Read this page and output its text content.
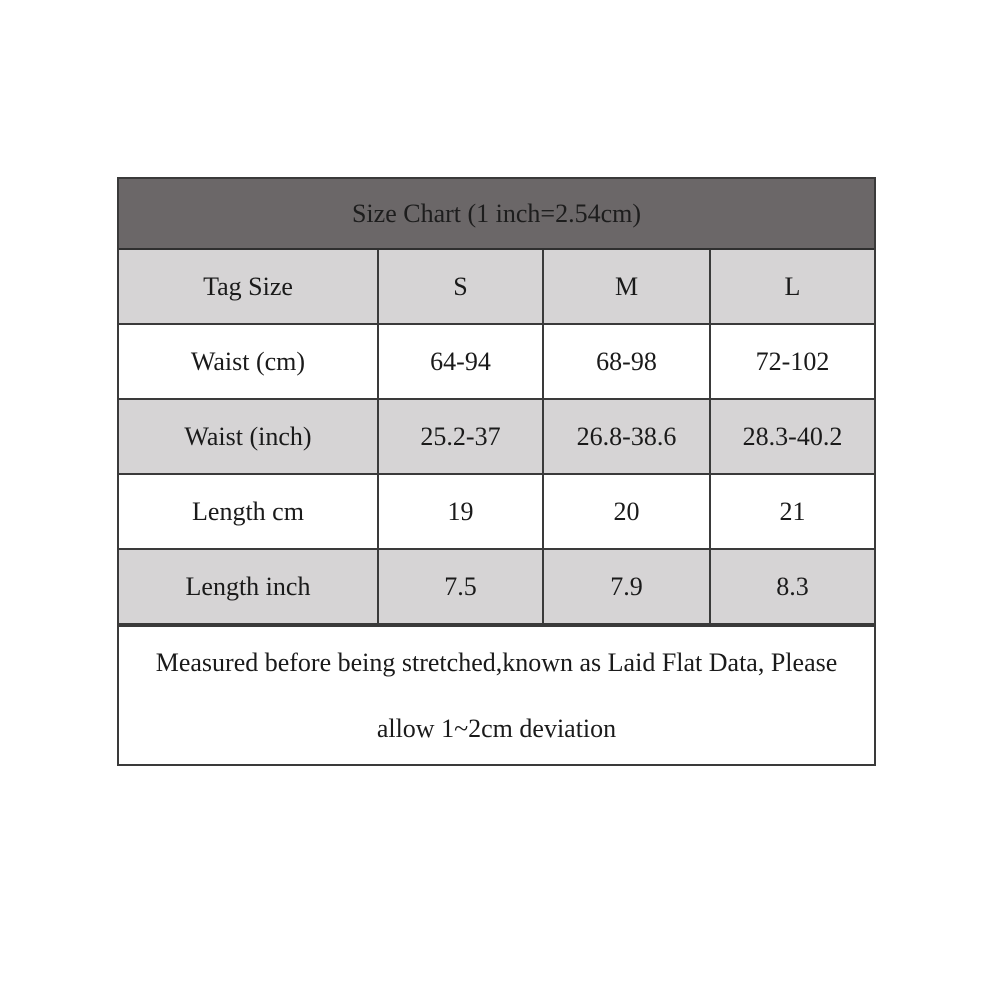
Size Chart (1 inch=2.54cm)
Tag Size	S	M	L
Waist (cm)	64-94	68-98	72-102
Waist (inch)	25.2-37	26.8-38.6	28.3-40.2
Length cm	19	20	21
Length inch	7.5	7.9	8.3
Measured before being stretched,known as Laid Flat Data, Please allow 1~2cm deviation
